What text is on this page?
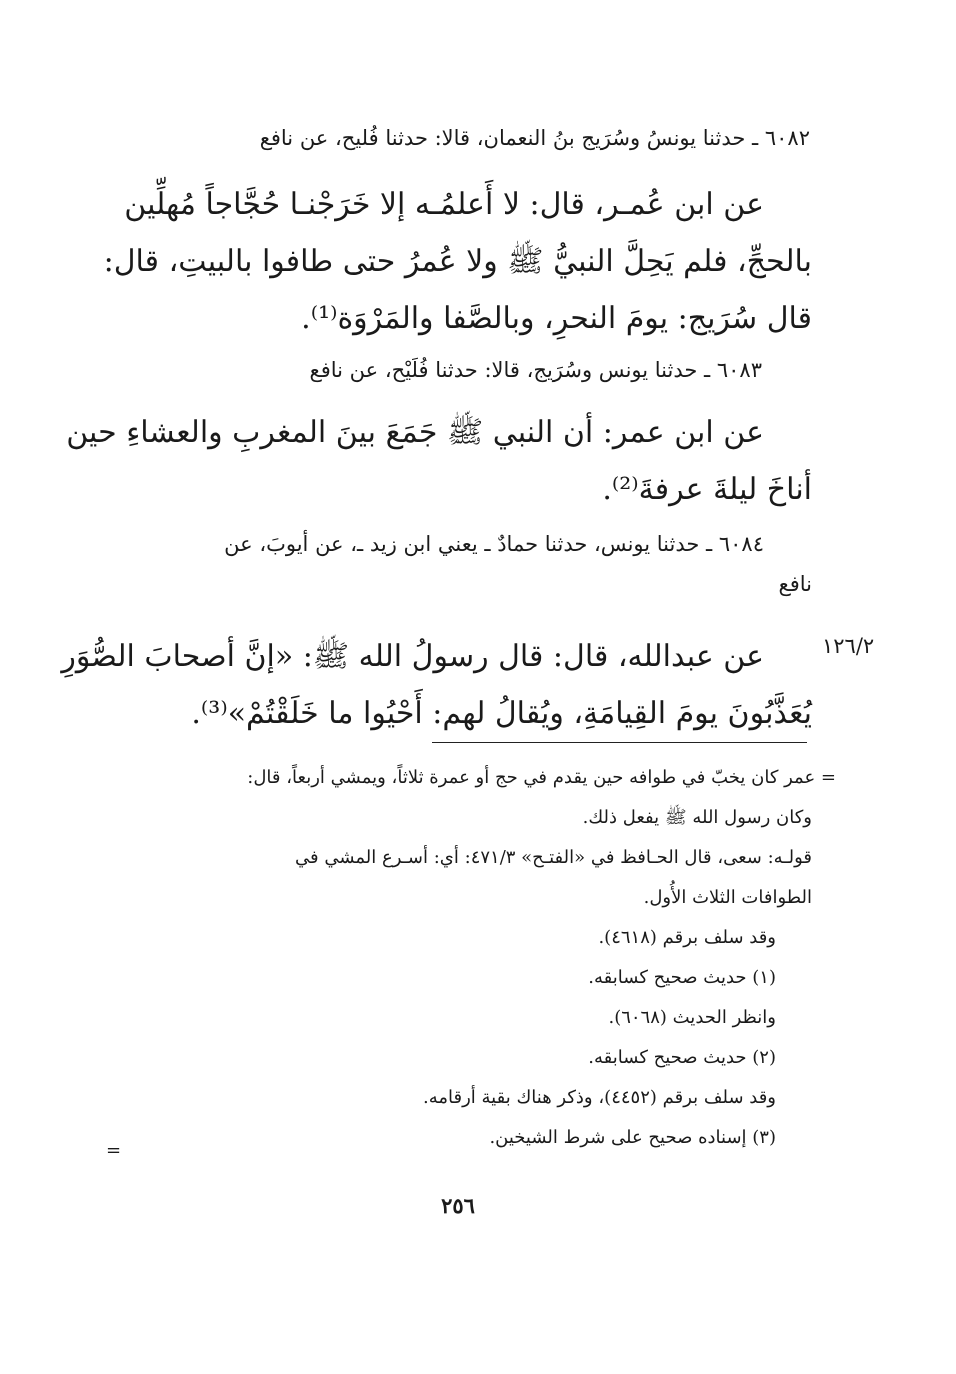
٦٠٨٢ ـ حدثنا يونسُ وسُرَيج بنُ النعمان، قالا: حدثنا فُليح، عن نافع
عن ابن عُمـر، قال: لا أَعلمُـه إلا خَرَجْنـا حُجَّاجاً مُهلِّين
بالحجِّ، فلم يَحِلَّ النبيُّ ﷺ ولا عُمرُ حتى طافوا بالبيتِ، قال:
قال سُرَيج: يومَ النحرِ، وبالصَّفا والمَرْوَة⁽¹⁾.
٦٠٨٣ ـ حدثنا يونس وسُرَيج، قالا: حدثنا فُلَيْح، عن نافع
عن ابن عمر: أن النبي ﷺ جَمَعَ بينَ المغربِ والعشاءِ حين
أناخَ ليلةَ عرفةَ⁽²⁾.
٦٠٨٤ ـ حدثنا يونس، حدثنا حمادٌ ـ يعني ابن زيد ـ، عن أيوبَ، عن
نافع
عن عبدالله، قال: قال رسولُ الله ﷺ: «إنَّ أصحابَ الصُّوَرِ
يُعَذَّبُونَ يومَ القِيامَةِ، ويُقالُ لهم: أَحْيُوا ما خَلَقْتُمْ»⁽³⁾.
١٢٦/٢
= عمر كان يخبّ في طوافه حين يقدم في حج أو عمرة ثلاثاً، ويمشي أربعاً، قال:
وكان رسول الله ﷺ يفعل ذلك.
قولـه: سعى، قال الحـافظ في «الفتـح» ٤٧١/٣: أي: أسـرع المشي في
الطوافات الثلاث الأُول.
وقد سلف برقم (٤٦١٨).
(١) حديث صحيح كسابقه.
وانظر الحديث (٦٠٦٨).
(٢) حديث صحيح كسابقه.
وقد سلف برقم (٤٤٥٢)، وذكر هناك بقية أرقامه.
(٣) إسناده صحيح على شرط الشيخين.
=
٢٥٦
